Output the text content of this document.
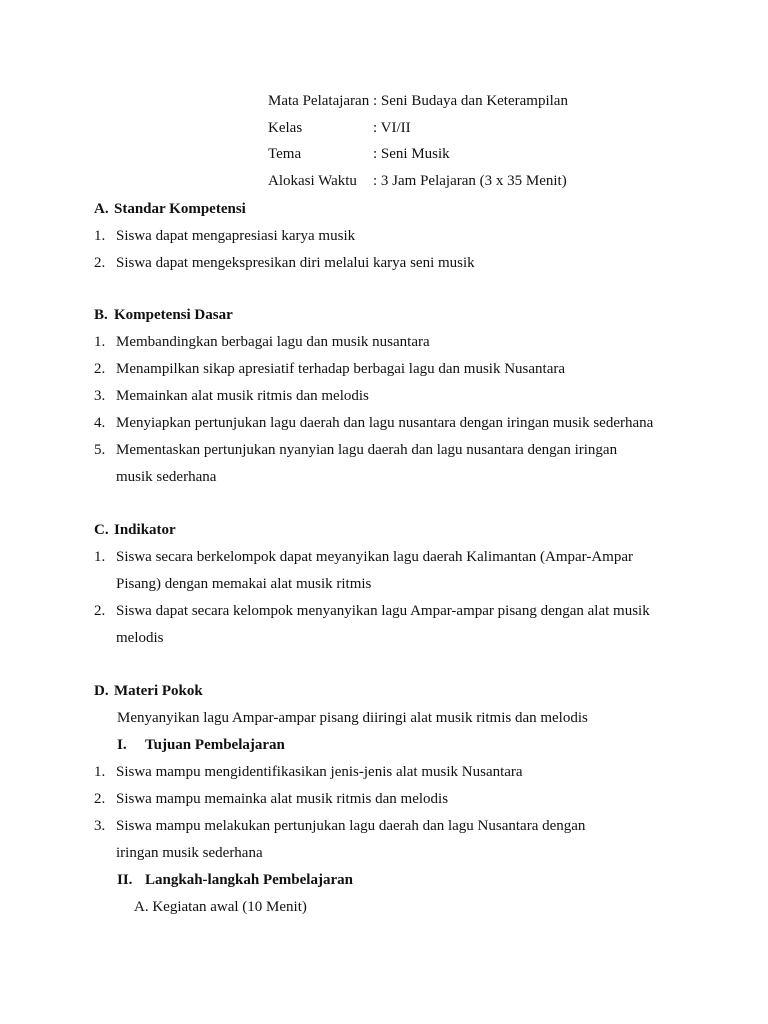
Mata Pelatajaran : Seni Budaya dan Keterampilan
Kelas	: VI/II
Tema	: Seni Musik
Alokasi Waktu	: 3 Jam Pelajaran (3 x 35 Menit)
A. Standar Kompetensi
1. Siswa dapat mengapresiasi karya musik
2. Siswa dapat mengekspresikan diri melalui karya seni musik
B. Kompetensi Dasar
1. Membandingkan berbagai lagu dan musik nusantara
2. Menampilkan sikap apresiatif terhadap berbagai lagu dan musik Nusantara
3. Memainkan alat musik ritmis dan melodis
4. Menyiapkan pertunjukan lagu daerah dan lagu nusantara dengan iringan musik sederhana
5. Mementaskan pertunjukan nyanyian lagu daerah dan lagu nusantara dengan iringan musik sederhana
C. Indikator
1. Siswa secara berkelompok dapat meyanyikan lagu daerah Kalimantan (Ampar-Ampar Pisang) dengan memakai alat musik ritmis
2. Siswa dapat secara kelompok menyanyikan lagu Ampar-ampar pisang dengan alat musik melodis
D. Materi Pokok
Menyanyikan lagu Ampar-ampar pisang diiringi alat musik ritmis dan melodis
I.	Tujuan Pembelajaran
1. Siswa mampu mengidentifikasikan jenis-jenis alat musik Nusantara
2. Siswa mampu memainka alat musik ritmis dan melodis
3. Siswa mampu melakukan pertunjukan lagu daerah dan lagu Nusantara dengan iringan musik sederhana
II. Langkah-langkah Pembelajaran
A. Kegiatan awal (10 Menit)
